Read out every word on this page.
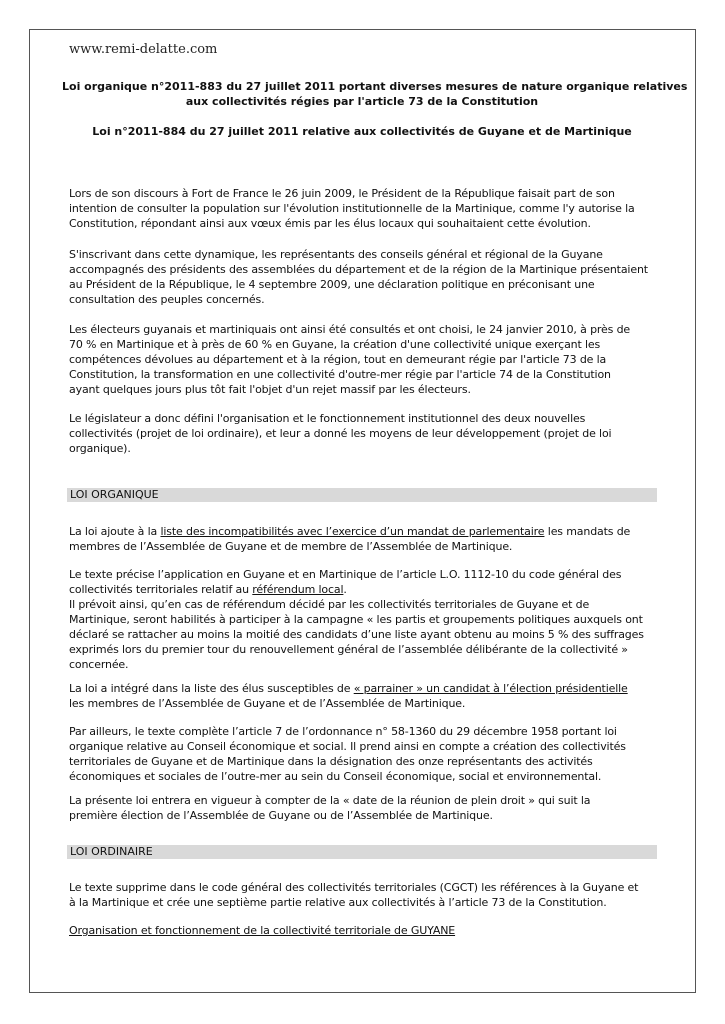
www.remi-delatte.com
Loi organique n°2011-883 du 27 juillet 2011 portant diverses mesures de nature organique relatives
aux collectivités régies par l'article 73 de la Constitution
Loi n°2011-884 du 27 juillet 2011 relative aux collectivités de Guyane et de Martinique
Lors de son discours à Fort de France le 26 juin 2009, le Président de la République faisait part de son
intention de consulter la population sur l'évolution institutionnelle de la Martinique, comme l'y autorise la
Constitution, répondant ainsi aux vœux émis par les élus locaux qui souhaitaient cette évolution.
S'inscrivant dans cette dynamique, les représentants des conseils général et régional de la Guyane
accompagnés des présidents des assemblées du département et de la région de la Martinique présentaient
au Président de la République, le 4 septembre 2009, une déclaration politique en préconisant une
consultation des peuples concernés.
Les électeurs guyanais et martiniquais ont ainsi été consultés et ont choisi, le 24 janvier 2010, à près de
70 % en Martinique et à près de 60 % en Guyane, la création d'une collectivité unique exerçant les
compétences dévolues au département et à la région, tout en demeurant régie par l'article 73 de la
Constitution, la transformation en une collectivité d'outre-mer régie par l'article 74 de la Constitution
ayant quelques jours plus tôt fait l'objet d'un rejet massif par les électeurs.
Le législateur a donc défini l'organisation et le fonctionnement institutionnel des deux nouvelles
collectivités (projet de loi ordinaire), et leur a donné les moyens de leur développement (projet de loi
organique).
LOI ORGANIQUE
La loi ajoute à la liste des incompatibilités avec l’exercice d’un mandat de parlementaire les mandats de
membres de l’Assemblée de Guyane et de membre de l’Assemblée de Martinique.
Le texte précise l’application en Guyane et en Martinique de l’article L.O. 1112-10 du code général des
collectivités territoriales relatif au référendum local.
Il prévoit ainsi, qu’en cas de référendum décidé par les collectivités territoriales de Guyane et de
Martinique, seront habilités à participer à la campagne « les partis et groupements politiques auxquels ont
déclaré se rattacher au moins la moitié des candidats d’une liste ayant obtenu au moins 5 % des suffrages
exprimés lors du premier tour du renouvellement général de l’assemblée délibérante de la collectivité »
concernée.
La loi a intégré dans la liste des élus susceptibles de « parrainer » un candidat à l’élection présidentielle
les membres de l’Assemblée de Guyane et de l’Assemblée de Martinique.
Par ailleurs, le texte complète l’article 7 de l’ordonnance n° 58-1360 du 29 décembre 1958 portant loi
organique relative au Conseil économique et social. Il prend ainsi en compte a création des collectivités
territoriales de Guyane et de Martinique dans la désignation des onze représentants des activités
économiques et sociales de l’outre-mer au sein du Conseil économique, social et environnemental.
La présente loi entrera en vigueur à compter de la « date de la réunion de plein droit » qui suit la
première élection de l’Assemblée de Guyane ou de l’Assemblée de Martinique.
LOI ORDINAIRE
Le texte supprime dans le code général des collectivités territoriales (CGCT) les références à la Guyane et
à la Martinique et crée une septième partie relative aux collectivités à l’article 73 de la Constitution.
Organisation et fonctionnement de la collectivité territoriale de GUYANE
